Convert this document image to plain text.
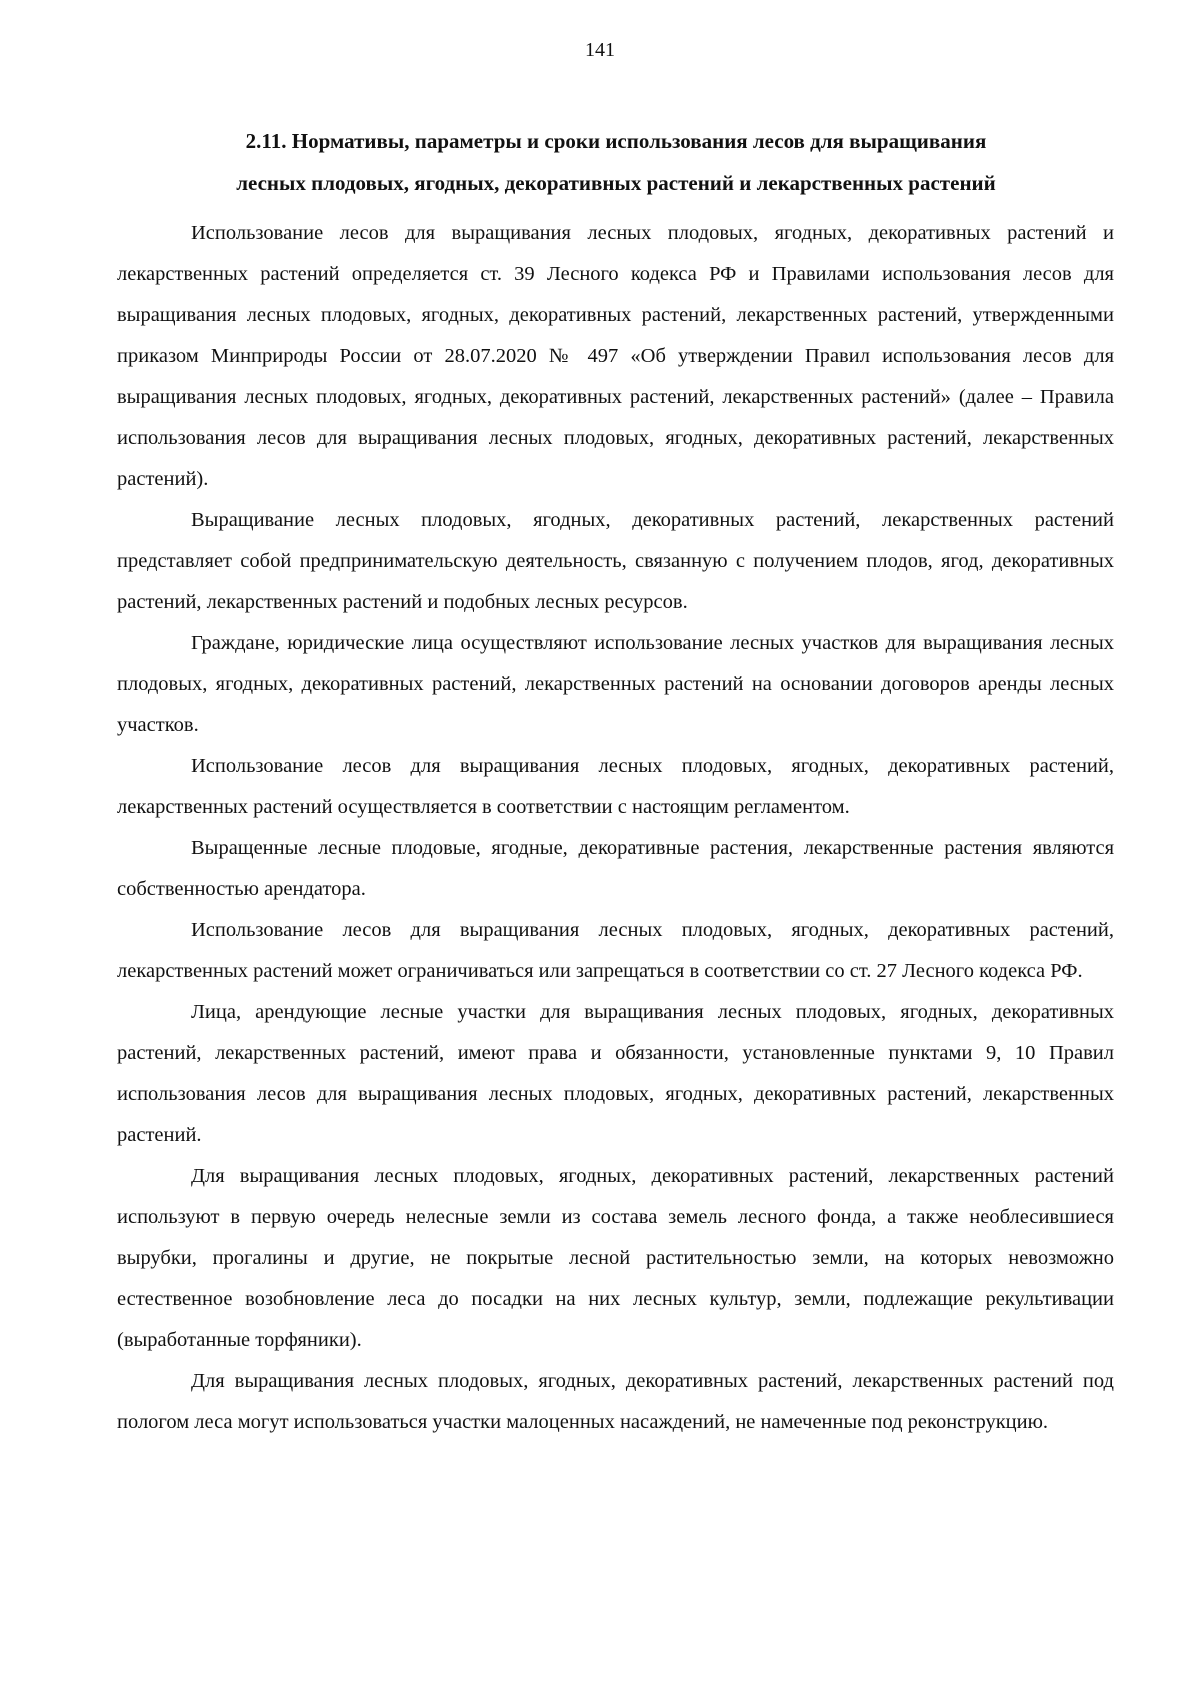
141
2.11. Нормативы, параметры и сроки использования лесов для выращивания
лесных плодовых, ягодных, декоративных растений и лекарственных растений

Использование лесов для выращивания лесных плодовых, ягодных, декоративных растений и лекарственных растений определяется ст. 39 Лесного кодекса РФ и Правилами использования лесов для выращивания лесных плодовых, ягодных, декоративных растений, лекарственных растений, утвержденными приказом Минприроды России от 28.07.2020 № 497 «Об утверждении Правил использования лесов для выращивания лесных плодовых, ягодных, декоративных растений, лекарственных растений» (далее – Правила использования лесов для выращивания лесных плодовых, ягодных, декоративных растений, лекарственных растений).

Выращивание лесных плодовых, ягодных, декоративных растений, лекарственных растений представляет собой предпринимательскую деятельность, связанную с получением плодов, ягод, декоративных растений, лекарственных растений и подобных лесных ресурсов.

Граждане, юридические лица осуществляют использование лесных участков для выращивания лесных плодовых, ягодных, декоративных растений, лекарственных растений на основании договоров аренды лесных участков.

Использование лесов для выращивания лесных плодовых, ягодных, декоративных растений, лекарственных растений осуществляется в соответствии с настоящим регламентом.

Выращенные лесные плодовые, ягодные, декоративные растения, лекарственные растения являются собственностью арендатора.

Использование лесов для выращивания лесных плодовых, ягодных, декоративных растений, лекарственных растений может ограничиваться или запрещаться в соответствии со ст. 27 Лесного кодекса РФ.

Лица, арендующие лесные участки для выращивания лесных плодовых, ягодных, декоративных растений, лекарственных растений, имеют права и обязанности, установленные пунктами 9, 10 Правил использования лесов для выращивания лесных плодовых, ягодных, декоративных растений, лекарственных растений.

Для выращивания лесных плодовых, ягодных, декоративных растений, лекарственных растений используют в первую очередь нелесные земли из состава земель лесного фонда, а также необлесившиеся вырубки, прогалины и другие, не покрытые лесной растительностью земли, на которых невозможно естественное возобновление леса до посадки на них лесных культур, земли, подлежащие рекультивации (выработанные торфяники).

Для выращивания лесных плодовых, ягодных, декоративных растений, лекарственных растений под пологом леса могут использоваться участки малоценных насаждений, не намеченные под реконструкцию.
